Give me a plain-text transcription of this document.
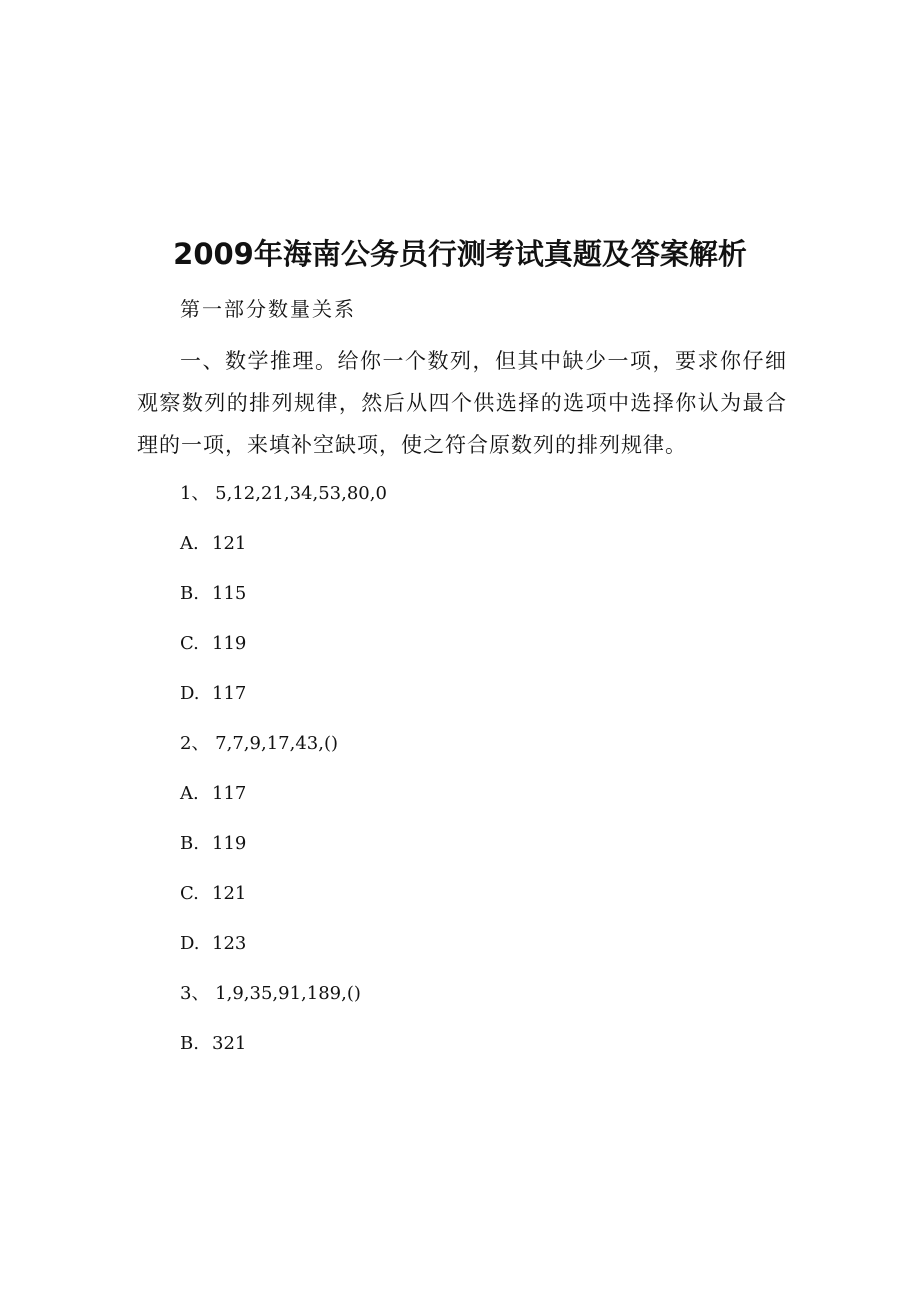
2009年海南公务员行测考试真题及答案解析
第一部分数量关系
一、数学推理。给你一个数列，但其中缺少一项，要求你仔细观察数列的排列规律，然后从四个供选择的选项中选择你认为最合理的一项，来填补空缺项，使之符合原数列的排列规律。
1、 5,12,21,34,53,80,0
A. 121
B. 115
C. 119
D. 117
2、 7,7,9,17,43,()
A. 117
B. 119
C. 121
D. 123
3、 1,9,35,91,189,()
B. 321
